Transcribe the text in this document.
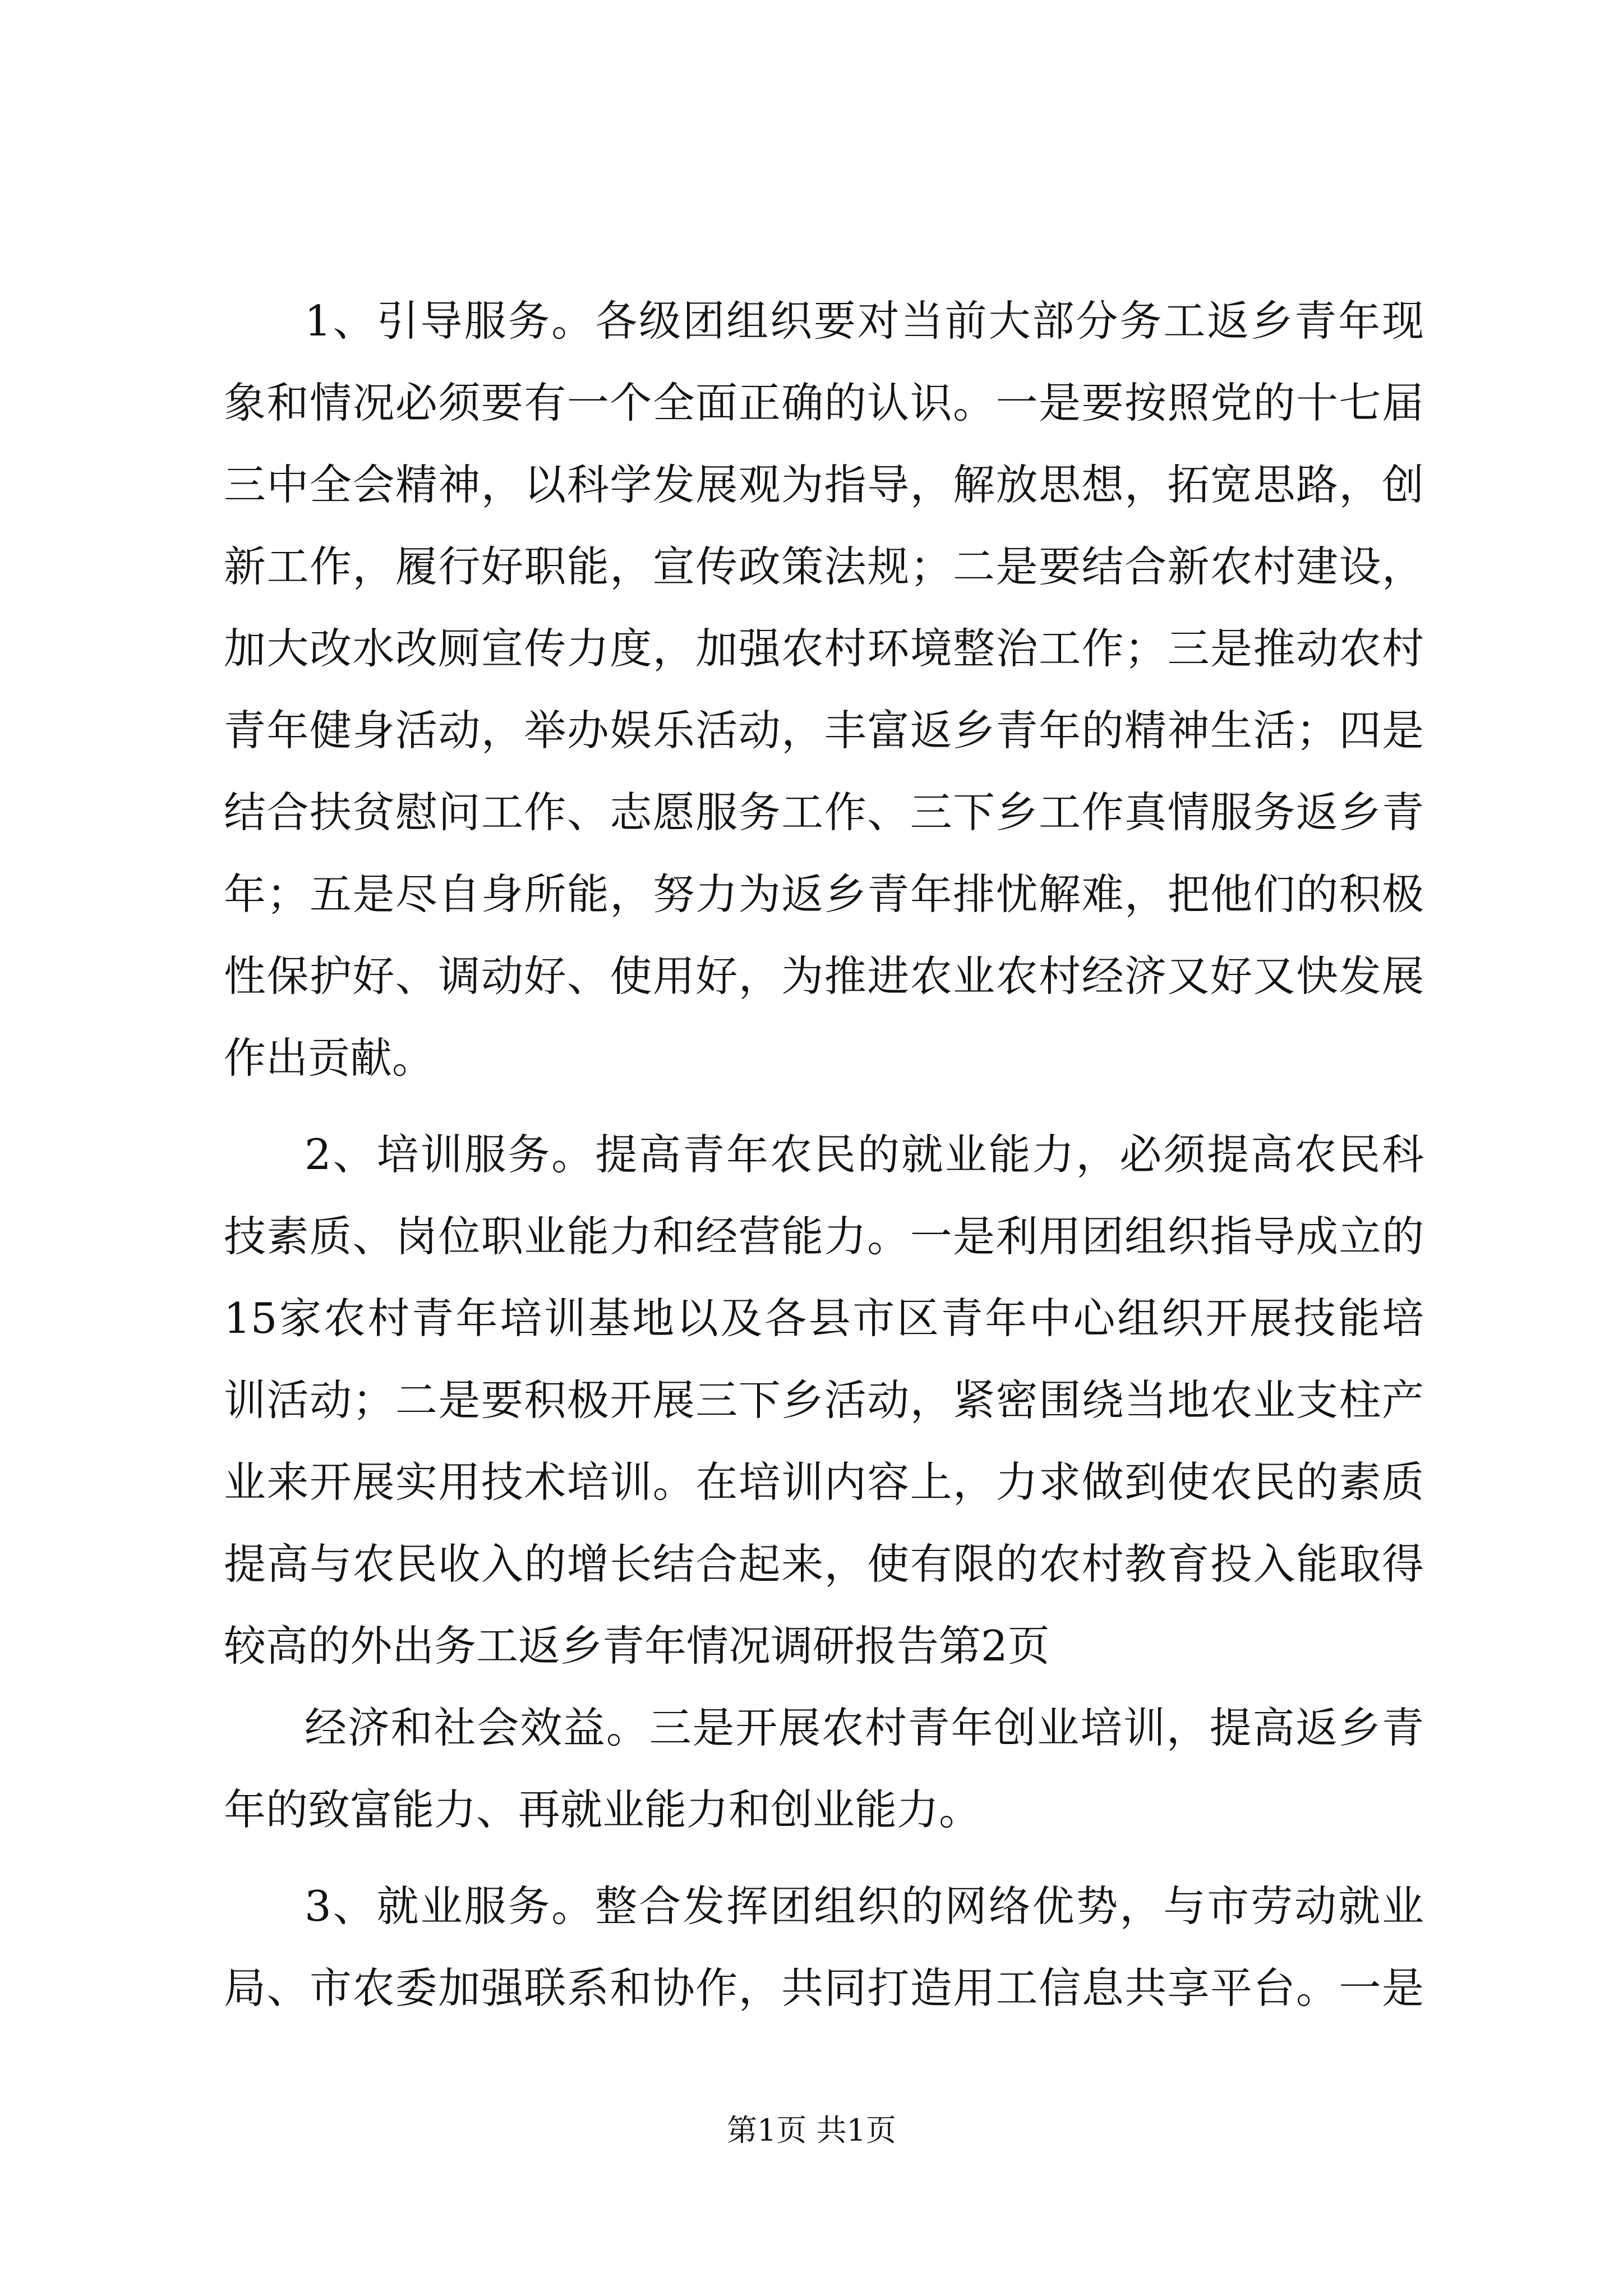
1、引导服务。各级团组织要对当前大部分务工返乡青年现
象和情况必须要有一个全面正确的认识。一是要按照党的十七届
三中全会精神，以科学发展观为指导，解放思想，拓宽思路，创
新工作，履行好职能，宣传政策法规；二是要结合新农村建设，
加大改水改厕宣传力度，加强农村环境整治工作；三是推动农村
青年健身活动，举办娱乐活动，丰富返乡青年的精神生活；四是
结合扶贫慰问工作、志愿服务工作、三下乡工作真情服务返乡青
年；五是尽自身所能，努力为返乡青年排忧解难，把他们的积极
性保护好、调动好、使用好，为推进农业农村经济又好又快发展
作出贡献。
2、培训服务。提高青年农民的就业能力，必须提高农民科
技素质、岗位职业能力和经营能力。一是利用团组织指导成立的
15家农村青年培训基地以及各县市区青年中心组织开展技能培
训活动；二是要积极开展三下乡活动，紧密围绕当地农业支柱产
业来开展实用技术培训。在培训内容上，力求做到使农民的素质
提高与农民收入的增长结合起来，使有限的农村教育投入能取得
较高的外出务工返乡青年情况调研报告第2页
经济和社会效益。三是开展农村青年创业培训，提高返乡青
年的致富能力、再就业能力和创业能力。
3、就业服务。整合发挥团组织的网络优势，与市劳动就业
局、市农委加强联系和协作，共同打造用工信息共享平台。一是
第1页 共1页
